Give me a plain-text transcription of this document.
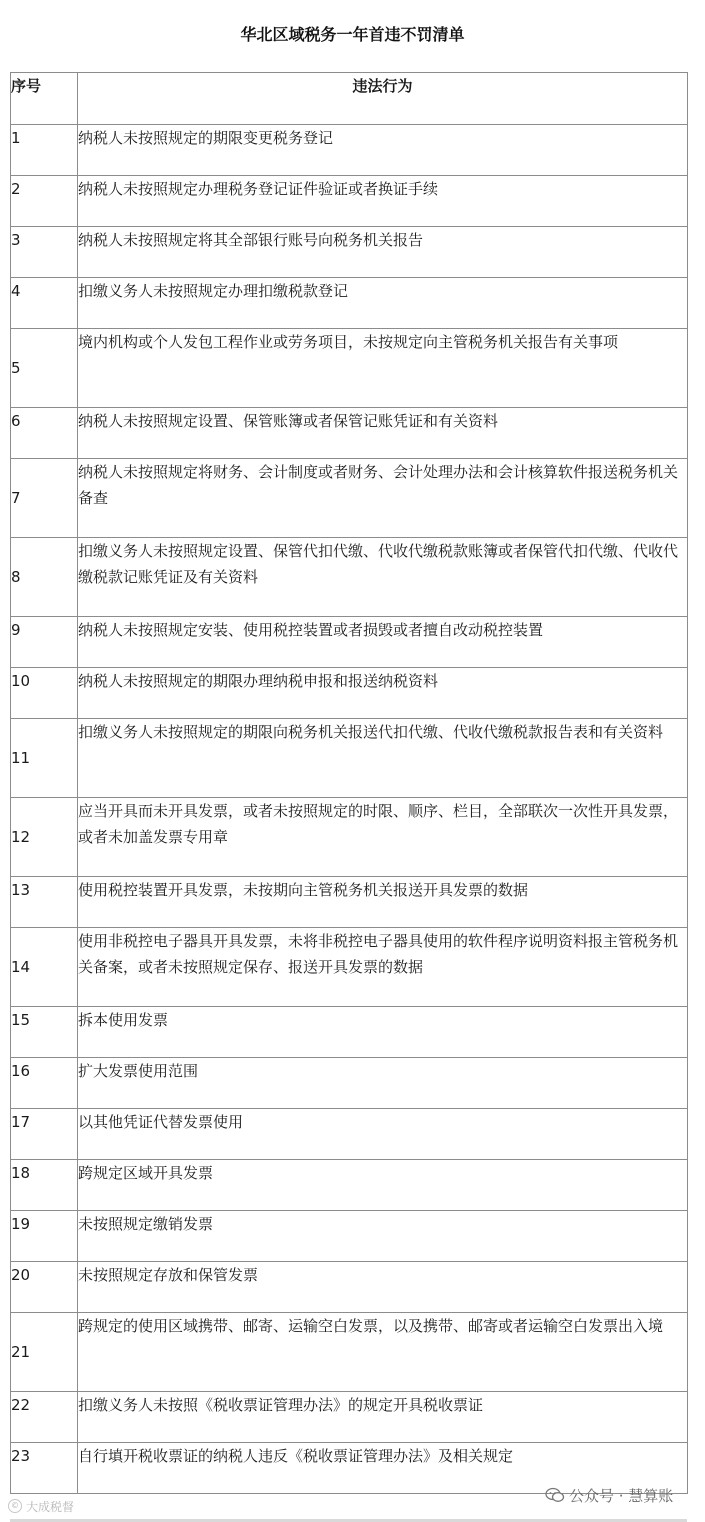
华北区域税务一年首违不罚清单
序号	违法行为
1	纳税人未按照规定的期限变更税务登记
2	纳税人未按照规定办理税务登记证件验证或者换证手续
3	纳税人未按照规定将其全部银行账号向税务机关报告
4	扣缴义务人未按照规定办理扣缴税款登记
5	境内机构或个人发包工程作业或劳务项目，未按规定向主管税务机关报告有关事项
6	纳税人未按照规定设置、保管账簿或者保管记账凭证和有关资料
7	纳税人未按照规定将财务、会计制度或者财务、会计处理办法和会计核算软件报送税务机关备查
8	扣缴义务人未按照规定设置、保管代扣代缴、代收代缴税款账簿或者保管代扣代缴、代收代缴税款记账凭证及有关资料
9	纳税人未按照规定安装、使用税控装置或者损毁或者擅自改动税控装置
10	纳税人未按照规定的期限办理纳税申报和报送纳税资料
11	扣缴义务人未按照规定的期限向税务机关报送代扣代缴、代收代缴税款报告表和有关资料
12	应当开具而未开具发票，或者未按照规定的时限、顺序、栏目，全部联次一次性开具发票，或者未加盖发票专用章
13	使用税控装置开具发票，未按期向主管税务机关报送开具发票的数据
14	使用非税控电子器具开具发票，未将非税控电子器具使用的软件程序说明资料报主管税务机关备案，或者未按照规定保存、报送开具发票的数据
15	拆本使用发票
16	扩大发票使用范围
17	以其他凭证代替发票使用
18	跨规定区域开具发票
19	未按照规定缴销发票
20	未按照规定存放和保管发票
21	跨规定的使用区域携带、邮寄、运输空白发票，以及携带、邮寄或者运输空白发票出入境
22	扣缴义务人未按照《税收票证管理办法》的规定开具税收票证
23	自行填开税收票证的纳税人违反《税收票证管理办法》及相关规定
© 大成税督
公众号 · 慧算账
